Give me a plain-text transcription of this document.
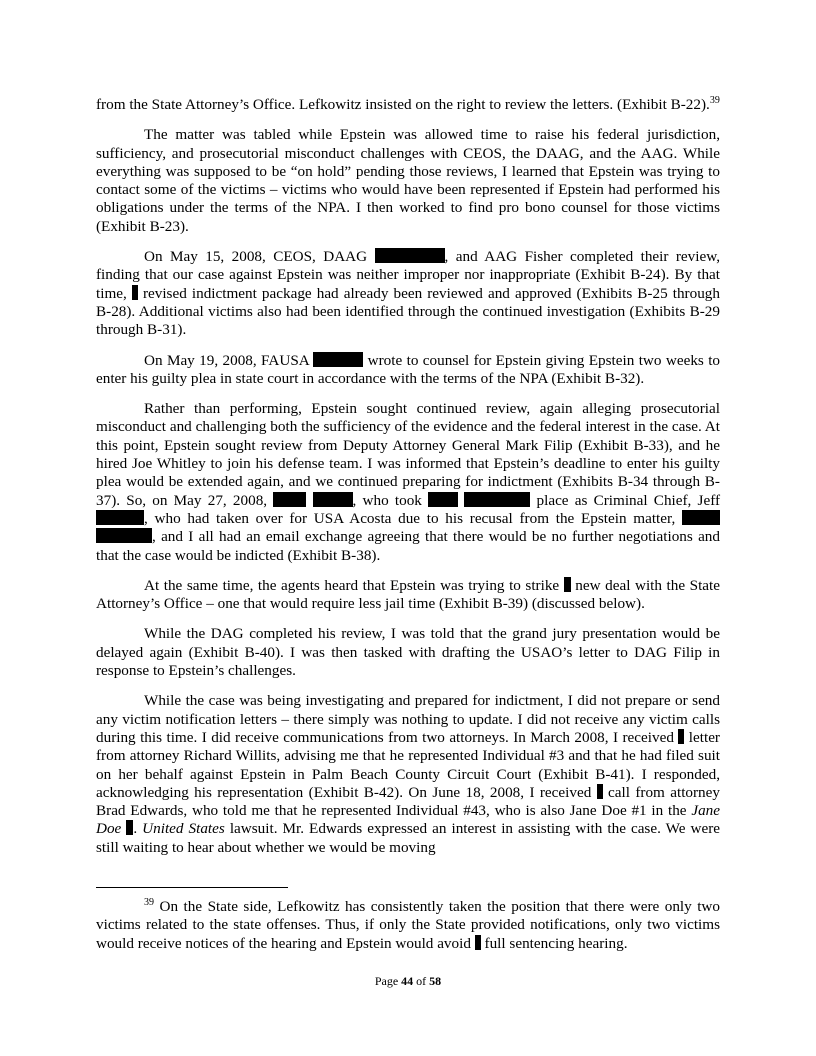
from the State Attorney’s Office. Lefkowitz insisted on the right to review the letters. (Exhibit B-22).$^{39}$

The matter was tabled while Epstein was allowed time to raise his federal jurisdiction, sufficiency, and prosecutorial misconduct challenges with CEOS, the DAAG, and the AAG. While everything was supposed to be “on hold” pending those reviews, I learned that Epstein was trying to contact some of the victims – victims who would have been represented if Epstein had performed his obligations under the terms of the NPA. I then worked to find pro bono counsel for those victims (Exhibit B-23).

On May 15, 2008, CEOS, DAAG	, and AAG Fisher completed their review, finding that our case against Epstein was neither improper nor inappropriate (Exhibit B-24). By that time,  revised indictment package had already been reviewed and approved (Exhibits B-25 through B-28). Additional victims also had been identified through the continued investigation (Exhibits B-29 through B-31).

On May 19, 2008, FAUSA	wrote to counsel for Epstein giving Epstein two weeks to enter his guilty plea in state court in accordance with the terms of the NPA (Exhibit B-32).

Rather than performing, Epstein sought continued review, again alleging prosecutorial misconduct and challenging both the sufficiency of the evidence and the federal interest in the case. At this point, Epstein sought review from Deputy Attorney General Mark Filip (Exhibit B-33), and he hired Joe Whitley to join his defense team. I was informed that Epstein’s deadline to enter his guilty plea would be extended again, and we continued preparing for indictment (Exhibits B-34 through B-37). So, on May 27, 2008,	, who took	place as Criminal Chief, Jeff , who had taken over for USA Acosta due to his recusal from the Epstein matter,  , and I all had an email exchange agreeing that there would be no further negotiations and that the case would be indicted (Exhibit B-38).

At the same time, the agents heard that Epstein was trying to strike  new deal with the State Attorney’s Office – one that would require less jail time (Exhibit B-39) (discussed below).

While the DAG completed his review, I was told that the grand jury presentation would be delayed again (Exhibit B-40). I was then tasked with drafting the USAO’s letter to DAG Filip in response to Epstein’s challenges.

While the case was being investigating and prepared for indictment, I did not prepare or send any victim notification letters – there simply was nothing to update. I did not receive any victim calls during this time. I did receive communications from two attorneys. In March 2008, I received  letter from attorney Richard Willits, advising me that he represented Individual #3 and that he had filed suit on her behalf against Epstein in Palm Beach County Circuit Court (Exhibit B-41). I responded, acknowledging his representation (Exhibit B-42). On June 18, 2008, I received  call from attorney Brad Edwards, who told me that he represented Individual #43, who is also Jane Doe #1 in the Jane Doe . United States lawsuit. Mr. Edwards expressed an interest in assisting with the case. We were still waiting to hear about whether we would be moving

$^{39}$ On the State side, Lefkowitz has consistently taken the position that there were only two victims related to the state offenses. Thus, if only the State provided notifications, only two victims would receive notices of the hearing and Epstein would avoid  full sentencing hearing.

Page 44 of 58
